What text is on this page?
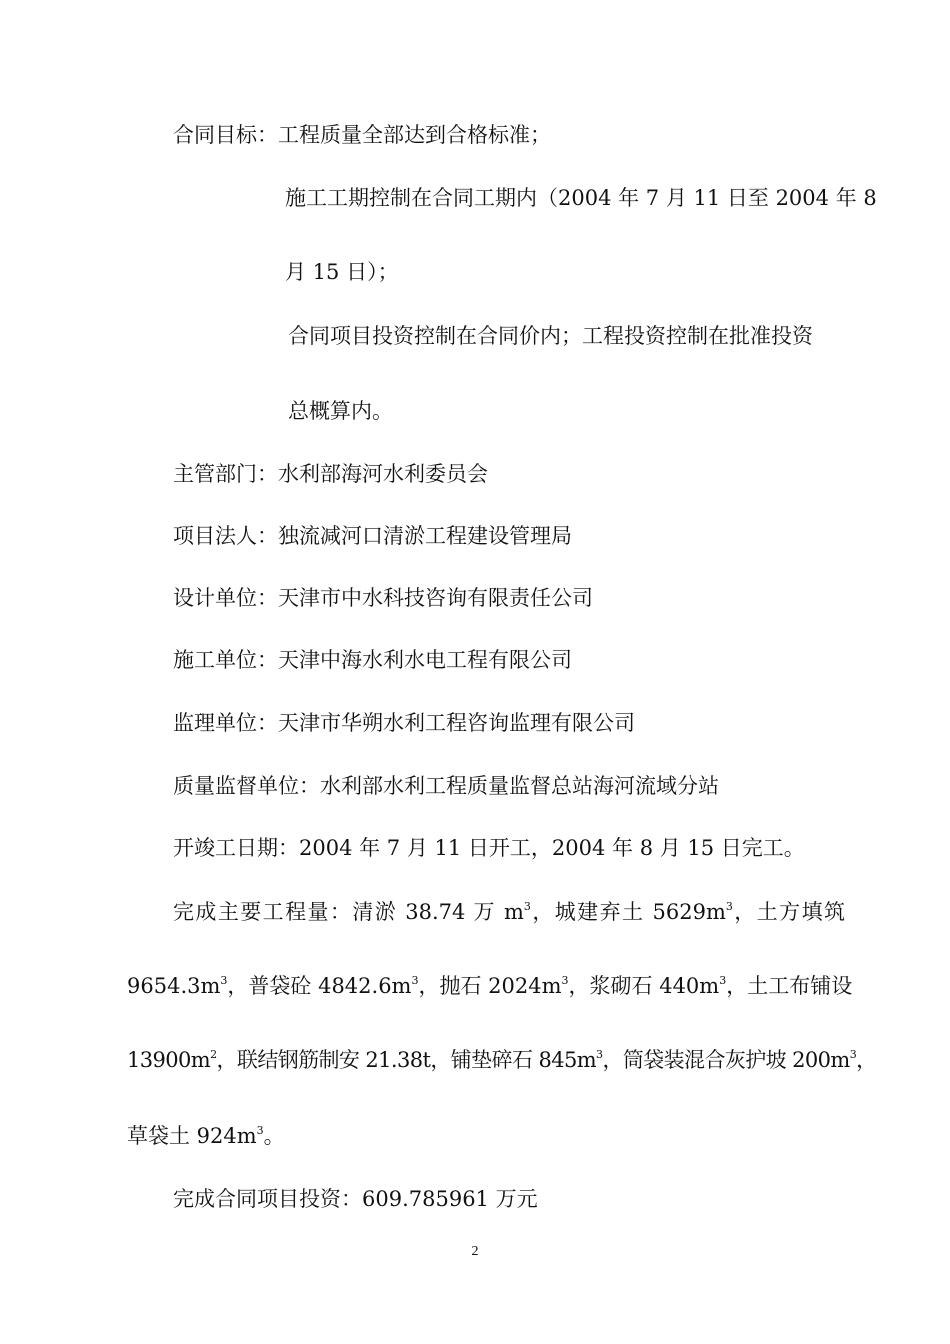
合同目标：工程质量全部达到合格标准；
施工工期控制在合同工期内（2004 年 7 月 11 日至 2004 年 8
月 15 日）；
合同项目投资控制在合同价内；工程投资控制在批准投资
总概算内。
主管部门：水利部海河水利委员会
项目法人：独流减河口清淤工程建设管理局
设计单位：天津市中水科技咨询有限责任公司
施工单位：天津中海水利水电工程有限公司
监理单位：天津市华朔水利工程咨询监理有限公司
质量监督单位：水利部水利工程质量监督总站海河流域分站
开竣工日期：2004 年 7 月 11 日开工，2004 年 8 月 15 日完工。
完成主要工程量：清淤 38.74 万 $m^3$，城建弃土 $5629m^3$，土方填筑
$9654.3m^3$，普袋砼 $4842.6m^3$，抛石 $2024m^3$，浆砌石 $440m^3$，土工布铺设
$13900m^2$，联结钢筋制安 21.38t，铺垫碎石 $845m^3$，筒袋装混合灰护坡 $200m^3$，
草袋土 $924m^3$。
完成合同项目投资：609.785961 万元
2
